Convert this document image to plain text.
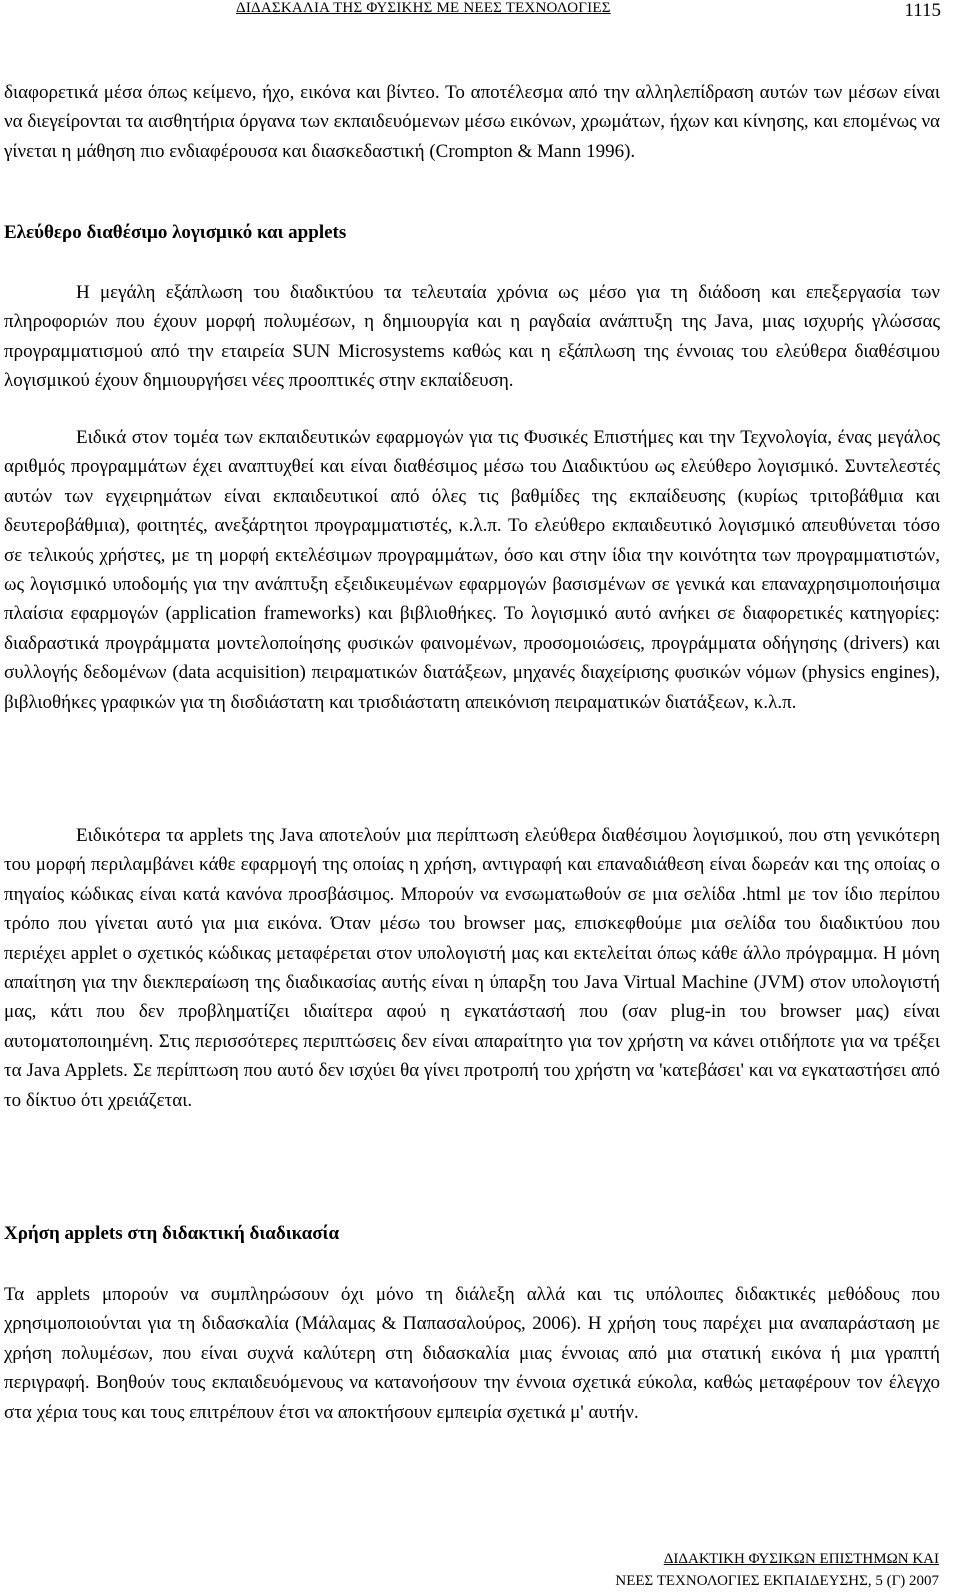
ΔΙΔΑΣΚΑΛΙΑ ΤΗΣ ΦΥΣΙΚΗΣ ΜΕ ΝΕΕΣ ΤΕΧΝΟΛΟΓΙΕΣ	1115

διαφορετικά μέσα όπως κείμενο, ήχο, εικόνα και βίντεο. Το αποτέλεσμα από την αλληλεπίδραση αυτών των μέσων είναι να διεγείρονται τα αισθητήρια όργανα των εκπαιδευόμενων μέσω εικόνων, χρωμάτων, ήχων και κίνησης, και επομένως να γίνεται η μάθηση πιο ενδιαφέρουσα και διασκεδαστική (Crompton & Mann 1996).

Ελεύθερο διαθέσιμο λογισμικό και applets

Η μεγάλη εξάπλωση του διαδικτύου τα τελευταία χρόνια ως μέσο για τη διάδοση και επεξεργασία των πληροφοριών που έχουν μορφή πολυμέσων, η δημιουργία και η ραγδαία ανάπτυξη της Java, μιας ισχυρής γλώσσας προγραμματισμού από την εταιρεία SUN Microsystems καθώς και η εξάπλωση της έννοιας του ελεύθερα διαθέσιμου λογισμικού έχουν δημιουργήσει νέες προοπτικές στην εκπαίδευση.

Ειδικά στον τομέα των εκπαιδευτικών εφαρμογών για τις Φυσικές Επιστήμες και την Τεχνολογία, ένας μεγάλος αριθμός προγραμμάτων έχει αναπτυχθεί και είναι διαθέσιμος μέσω του Διαδικτύου ως ελεύθερο λογισμικό. Συντελεστές αυτών των εγχειρημάτων είναι εκπαιδευτικοί από όλες τις βαθμίδες της εκπαίδευσης (κυρίως τριτοβάθμια και δευτεροβάθμια), φοιτητές, ανεξάρτητοι προγραμματιστές, κ.λ.π. Το ελεύθερο εκπαιδευτικό λογισμικό απευθύνεται τόσο σε τελικούς χρήστες, με τη μορφή εκτελέσιμων προγραμμάτων, όσο και στην ίδια την κοινότητα των προγραμματιστών, ως λογισμικό υποδομής για την ανάπτυξη εξειδικευμένων εφαρμογών βασισμένων σε γενικά και επαναχρησιμοποιήσιμα πλαίσια εφαρμογών (application frameworks) και βιβλιοθήκες. Το λογισμικό αυτό ανήκει σε διαφορετικές κατηγορίες: διαδραστικά προγράμματα μοντελοποίησης φυσικών φαινομένων, προσομοιώσεις, προγράμματα οδήγησης (drivers) και συλλογής δεδομένων (data acquisition) πειραματικών διατάξεων, μηχανές διαχείρισης φυσικών νόμων (physics engines), βιβλιοθήκες γραφικών για τη δισδιάστατη και τρισδιάστατη απεικόνιση πειραματικών διατάξεων, κ.λ.π.

Ειδικότερα τα applets της Java αποτελούν μια περίπτωση ελεύθερα διαθέσιμου λογισμικού, που στη γενικότερη του μορφή περιλαμβάνει κάθε εφαρμογή της οποίας η χρήση, αντιγραφή και επαναδιάθεση είναι δωρεάν και της οποίας ο πηγαίος κώδικας είναι κατά κανόνα προσβάσιμος. Μπορούν να ενσωματωθούν σε μια σελίδα .html με τον ίδιο περίπου τρόπο που γίνεται αυτό για μια εικόνα. Όταν μέσω του browser μας, επισκεφθούμε μια σελίδα του διαδικτύου που περιέχει applet ο σχετικός κώδικας μεταφέρεται στον υπολογιστή μας και εκτελείται όπως κάθε άλλο πρόγραμμα. Η μόνη απαίτηση για την διεκπεραίωση της διαδικασίας αυτής είναι η ύπαρξη του Java Virtual Machine (JVM) στον υπολογιστή μας, κάτι που δεν προβληματίζει ιδιαίτερα αφού η εγκατάστασή που (σαν plug-in του browser μας) είναι αυτοματοποιημένη. Στις περισσότερες περιπτώσεις δεν είναι απαραίτητο για τον χρήστη να κάνει οτιδήποτε για να τρέξει τα Java Applets. Σε περίπτωση που αυτό δεν ισχύει θα γίνει προτροπή του χρήστη να 'κατεβάσει' και να εγκαταστήσει από το δίκτυο ότι χρειάζεται.

Χρήση applets στη διδακτική διαδικασία

Τα applets μπορούν να συμπληρώσουν όχι μόνο τη διάλεξη αλλά και τις υπόλοιπες διδακτικές μεθόδους που χρησιμοποιούνται για τη διδασκαλία (Μάλαμας & Παπασαλούρος, 2006). Η χρήση τους παρέχει μια αναπαράσταση με χρήση πολυμέσων, που είναι συχνά καλύτερη στη διδασκαλία μιας έννοιας από μια στατική εικόνα ή μια γραπτή περιγραφή. Βοηθούν τους εκπαιδευόμενους να κατανοήσουν την έννοια σχετικά εύκολα, καθώς μεταφέρουν τον έλεγχο στα χέρια τους και τους επιτρέπουν έτσι να αποκτήσουν εμπειρία σχετικά μ' αυτήν.

ΔΙΔΑΚΤΙΚΗ ΦΥΣΙΚΩΝ ΕΠΙΣΤΗΜΩΝ ΚΑΙ
ΝΕΕΣ ΤΕΧΝΟΛΟΓΙΕΣ ΕΚΠΑΙΔΕΥΣΗΣ, 5 (Γ) 2007
